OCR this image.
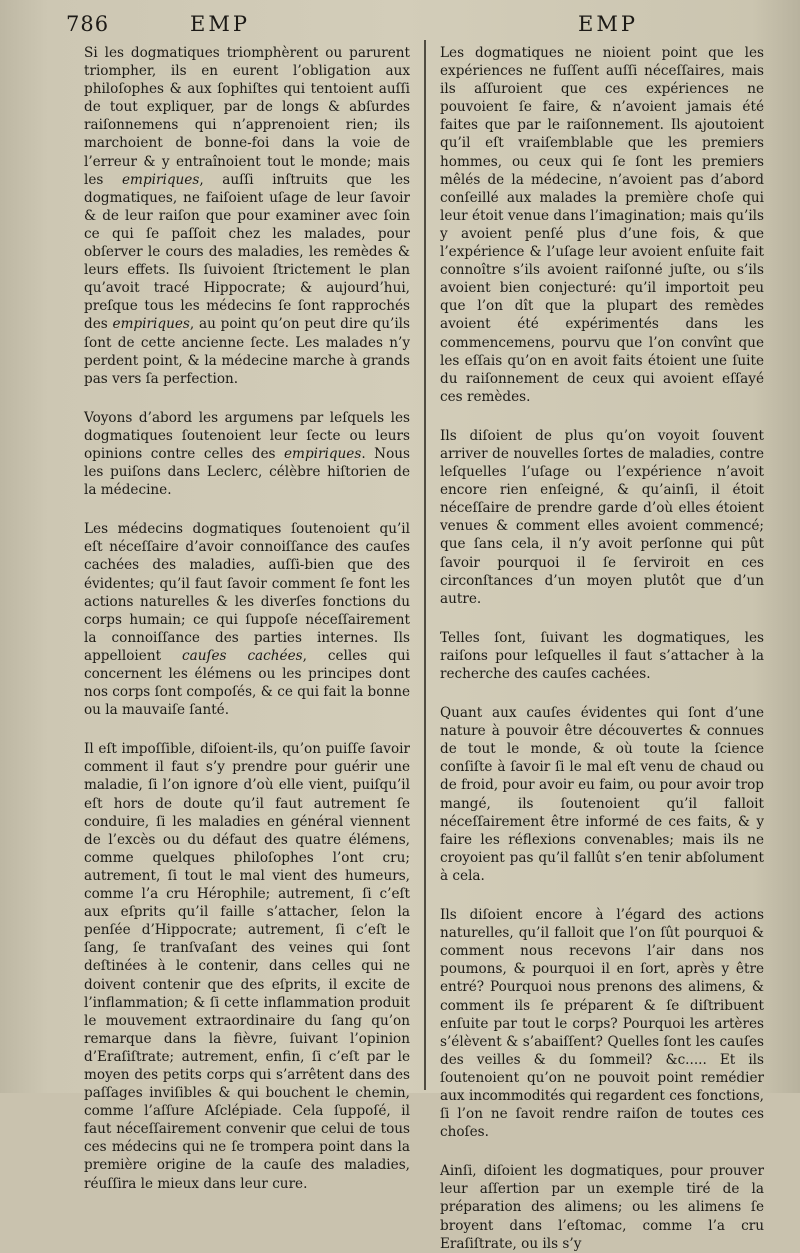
786	EMP	EMP

Si les dogmatiques triomphèrent ou parurent triompher, ils en eurent l’obligation aux philoſophes & aux ſophiſtes qui tentoient auſſi de tout expliquer, par de longs & abſurdes raiſonnemens qui n’apprenoient rien; ils marchoient de bonne-foi dans la voie de l’erreur & y entraînoient tout le monde; mais les empiriques, auſſi inſtruits que les dogmatiques, ne faiſoient uſage de leur ſavoir & de leur raiſon que pour examiner avec ſoin ce qui ſe paſſoit chez les malades, pour obſerver le cours des maladies, les remèdes & leurs effets. Ils ſuivoient ſtrictement le plan qu’avoit tracé Hippocrate; & aujourd’hui, preſque tous les médecins ſe ſont rapprochés des empiriques, au point qu’on peut dire qu’ils ſont de cette ancienne ſecte. Les malades n’y perdent point, & la médecine marche à grands pas vers ſa perfection.

Voyons d’abord les argumens par leſquels les dogmatiques ſoutenoient leur ſecte ou leurs opinions contre celles des empiriques. Nous les puiſons dans Leclerc, célèbre hiſtorien de la médecine.

Les médecins dogmatiques ſoutenoient qu’il eſt néceſſaire d’avoir connoiſſance des cauſes cachées des maladies, auſſi-bien que des évidentes; qu’il faut ſavoir comment ſe font les actions naturelles & les diverſes fonctions du corps humain; ce qui ſuppoſe néceſſairement la connoiſſance des parties internes. Ils appelloient cauſes cachées, celles qui concernent les élémens ou les principes dont nos corps ſont compoſés, & ce qui fait la bonne ou la mauvaiſe ſanté.

Il eſt impoſſible, diſoient-ils, qu’on puiſſe ſavoir comment il faut s’y prendre pour guérir une maladie, ſi l’on ignore d’où elle vient, puiſqu’il eſt hors de doute qu’il faut autrement ſe conduire, ſi les maladies en général viennent de l’excès ou du défaut des quatre élémens, comme quelques philoſophes l’ont cru; autrement, ſi tout le mal vient des humeurs, comme l’a cru Hérophile; autrement, ſi c’eſt aux eſprits qu’il faille s’attacher, ſelon la penſée d’Hippocrate; autrement, ſi c’eſt le ſang, ſe tranſvaſant des veines qui ſont deſtinées à le contenir, dans celles qui ne doivent contenir que des eſprits, il excite de l’inflammation; & ſi cette inflammation produit le mouvement extraordinaire du ſang qu’on remarque dans la fièvre, ſuivant l’opinion d’Eraſiſtrate; autrement, enfin, ſi c’eſt par le moyen des petits corps qui s’arrêtent dans des paſſages inviſibles & qui bouchent le chemin, comme l’aſſure Aſclépiade. Cela ſuppoſé, il faut néceſſairement convenir que celui de tous ces médecins qui ne ſe trompera point dans la première origine de la cauſe des maladies, réuſſira le mieux dans leur cure.

Les dogmatiques ne nioient point que les expériences ne fuſſent auſſi néceſſaires, mais ils aſſuroient que ces expériences ne pouvoient ſe faire, & n’avoient jamais été faites que par le raiſonnement. Ils ajoutoient qu’il eſt vraiſemblable que les premiers hommes, ou ceux qui ſe ſont les premiers mêlés de la médecine, n’avoient pas d’abord conſeillé aux malades la première choſe qui leur étoit venue dans l’imagination; mais qu’ils y avoient penſé plus d’une fois, & que l’expérience & l’uſage leur avoient enſuite fait connoître s’ils avoient raiſonné juſte, ou s’ils avoient bien conjecturé: qu’il importoit peu que l’on dît que la plupart des remèdes avoient été expérimentés dans les commencemens, pourvu que l’on convînt que les eſſais qu’on en avoit faits étoient une ſuite du raiſonnement de ceux qui avoient eſſayé ces remèdes.

Ils diſoient de plus qu’on voyoit ſouvent arriver de nouvelles ſortes de maladies, contre leſquelles l’uſage ou l’expérience n’avoit encore rien enſeigné, & qu’ainſi, il étoit néceſſaire de prendre garde d’où elles étoient venues & comment elles avoient commencé; que ſans cela, il n’y avoit perſonne qui pût ſavoir pourquoi il ſe ſerviroit en ces circonſtances d’un moyen plutôt que d’un autre.

Telles ſont, ſuivant les dogmatiques, les raiſons pour leſquelles il faut s’attacher à la recherche des cauſes cachées.

Quant aux cauſes évidentes qui ſont d’une nature à pouvoir être découvertes & connues de tout le monde, & où toute la ſcience conſiſte à ſavoir ſi le mal eſt venu de chaud ou de froid, pour avoir eu faim, ou pour avoir trop mangé, ils ſoutenoient qu’il falloit néceſſairement être informé de ces faits, & y faire les réflexions convenables; mais ils ne croyoient pas qu’il fallût s’en tenir abſolument à cela.

Ils diſoient encore à l’égard des actions naturelles, qu’il falloit que l’on ſût pourquoi & comment nous recevons l’air dans nos poumons, & pourquoi il en ſort, après y être entré? Pourquoi nous prenons des alimens, & comment ils ſe préparent & ſe diſtribuent enſuite par tout le corps? Pourquoi les artères s’élèvent & s’abaiſſent? Quelles ſont les cauſes des veilles & du ſommeil? &c..... Et ils ſoutenoient qu’on ne pouvoit point remédier aux incommodités qui regardent ces fonctions, ſi l’on ne ſavoit rendre raiſon de toutes ces choſes.

Ainſi, diſoient les dogmatiques, pour prouver leur aſſertion par un exemple tiré de la préparation des alimens; ou les alimens ſe broyent dans l’eſtomac, comme l’a cru Eraſiſtrate, ou ils s’y
